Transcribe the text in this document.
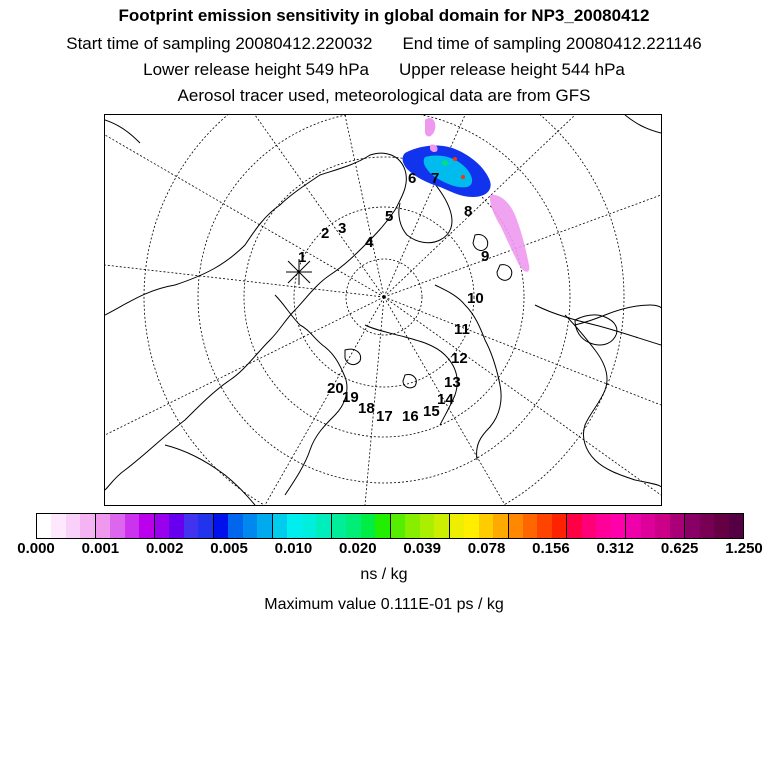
Footprint emission sensitivity in global domain for NP3_20080412
Start time of sampling 20080412.220032 End time of sampling 20080412.221146
Lower release height 549 hPa Upper release height 544 hPa
Aerosol tracer used, meteorological data are from GFS
1
2 3
4
5
6 7
8
9
10
11
12
13
14
15
16
17
18
19
20
0.000 0.001 0.002 0.005 0.010 0.020 0.039 0.078 0.156 0.312 0.625 1.250
ns / kg
Maximum value 0.111E-01 ps / kg
